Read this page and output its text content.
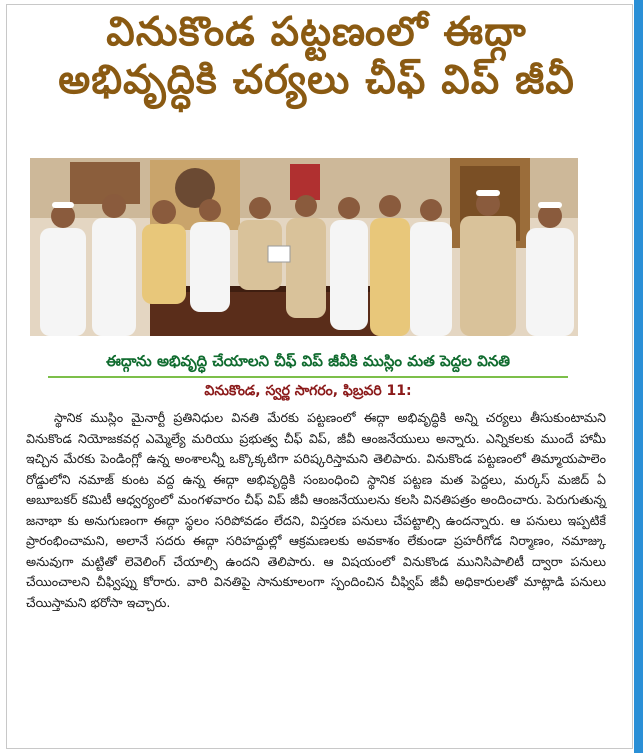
వినుకొండ పట్టణంలో ఈద్గా
అభివృద్ధికి చర్యలు చీఫ్ విప్ జీవీ
ఈద్గాను అభివృద్ధి చేయాలని చీఫ్ విప్ జీవీకి ముస్లిం మత పెద్దల వినతి
వినుకొండ, స్వర్ణ సాగరం, ఫిబ్రవరి 11:
స్థానిక ముస్లిం మైనార్టీ ప్రతినిధుల వినతి మేరకు పట్టణంలో ఈద్గా అభివృద్ధికి అన్ని చర్యలు తీసుకుంటామని వినుకొండ నియోజకవర్గ ఎమ్మెల్యే మరియు ప్రభుత్వ చీఫ్ విప్, జీవీ ఆంజనేయులు అన్నారు. ఎన్నికలకు ముందే హామీ ఇచ్చిన మేరకు పెండింగ్లో ఉన్న అంశాలన్నీ ఒక్కొక్కటిగా పరిష్కరిస్తామని తెలిపారు. వినుకొండ పట్టణంలో తిమ్మాయపాలెం రోడ్డులోని నమాజ్ కుంట వద్ద ఉన్న ఈద్గా అభివృద్ధికి సంబంధించి స్థానిక పట్టణ మత పెద్దలు, మర్కస్ మజిద్ ఏ అబూబకర్ కమిటీ ఆధ్వర్యంలో మంగళవారం చీఫ్ విప్ జీవీ ఆంజనేయులను కలసి వినతిపత్రం అందించారు. పెరుగుతున్న జనాభా కు అనుగుణంగా ఈద్గా స్థలం సరిపోవడం లేదని, విస్తరణ పనులు చేపట్టాల్సి ఉందన్నారు. ఆ పనులు ఇప్పటికే ప్రారంభించామని, అలానే సదరు ఈద్గా సరిహద్దుల్లో ఆక్రమణలకు అవకాశం లేకుండా ప్రహరీగోడ నిర్మాణం, నమాజ్కు అనువుగా మట్టితో లెవెలింగ్ చేయాల్సి ఉందని తెలిపారు. ఆ విషయంలో వినుకొండ మునిసిపాలిటీ ద్వారా పనులు చేయించాలని చీఫ్విప్ను కోరారు. వారి వినతిపై సానుకూలంగా స్పందించిన చీఫ్విప్ జీవీ అధికారులతో మాట్లాడి పనులు చేయిస్తామని భరోసా ఇచ్చారు.
